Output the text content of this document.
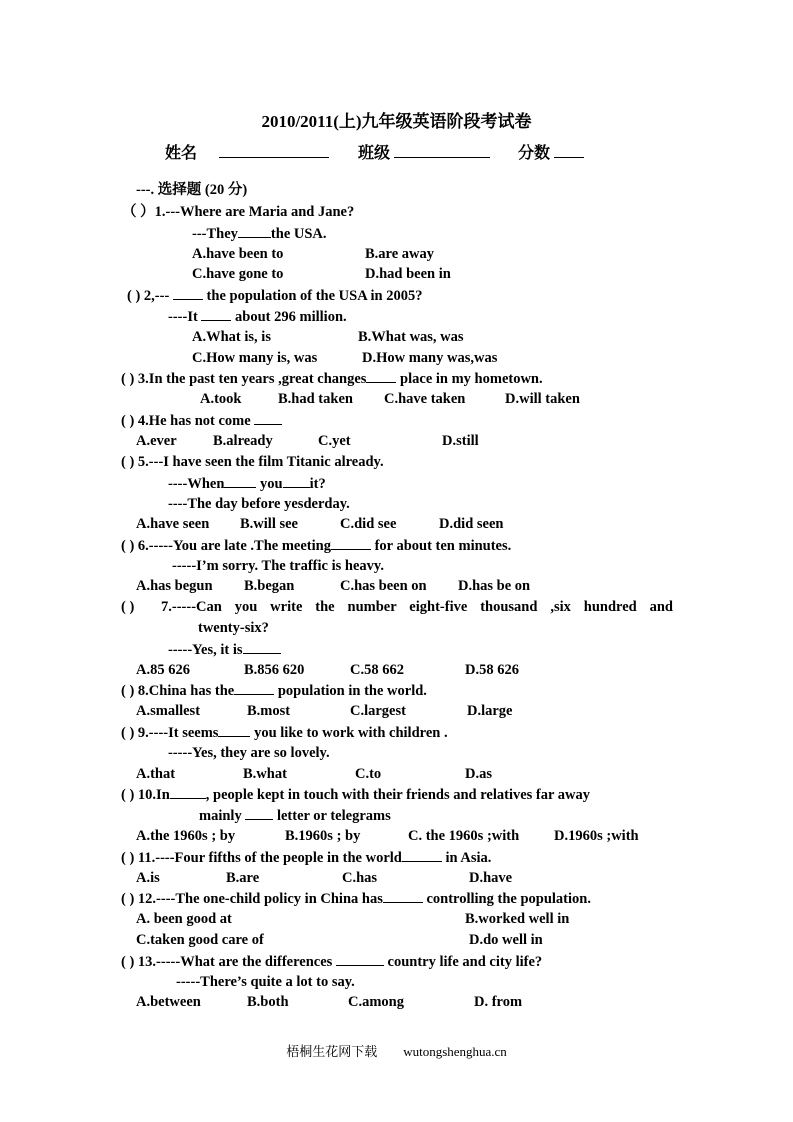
2010/2011(上)九年级英语阶段考试卷
姓名	班级	分数
---. 选择题 (20 分)
（ ）1.---Where are Maria and Jane?
---They the USA.
A.have been to	B.are away
C.have gone to	D.had been in
( ) 2,---	the population of the USA in 2005?
----It	about 296 million.
A.What is, is	B.What was, was
C.How many is, was	D.How many was,was
( ) 3.In the past ten years ,great changes place in my hometown.
A.took	B.had taken C.have taken	D.will taken
( ) 4.He has not come
A.ever	B.already	C.yet	D.still
( ) 5.---I have seen the film Titanic already.
----When you it?
----The day before yesderday.
A.have seen B.will see	C.did see	D.did seen
( ) 6.-----You are late .The meeting	for about ten minutes.
-----I’m sorry. The traffic is heavy.
A.has begun B.began	C.has been on D.has be on
( ) 7.-----Can you write the number eight-five thousand ,six hundred and
twenty-six?
-----Yes, it is
A.85 626	B.856 620	C.58 662	D.58 626
( ) 8.China has the	population in the world.
A.smallest	B.most	C.largest	D.large
( ) 9.----It seems you like to work with children .
-----Yes, they are so lovely.
A.that	B.what	C.to	D.as
( ) 10.In , people kept in touch with their friends and relatives far away
mainly letter or telegrams
A.the 1960s ; by	B.1960s ; by	C. the 1960s ;with D.1960s ;with
( ) 11.----Four fifths of the people in the world	in Asia.
A.is	B.are	C.has	D.have
( ) 12.----The one-child policy in China has	controlling the population.
A. been good at	B.worked well in
C.taken good care of	D.do well in
( ) 13.-----What are the differences	country life and city life?
-----There’s quite a lot to say.
A.between	B.both	C.among	D. from
梧桐生花网下载        wutongshenghua.cn
